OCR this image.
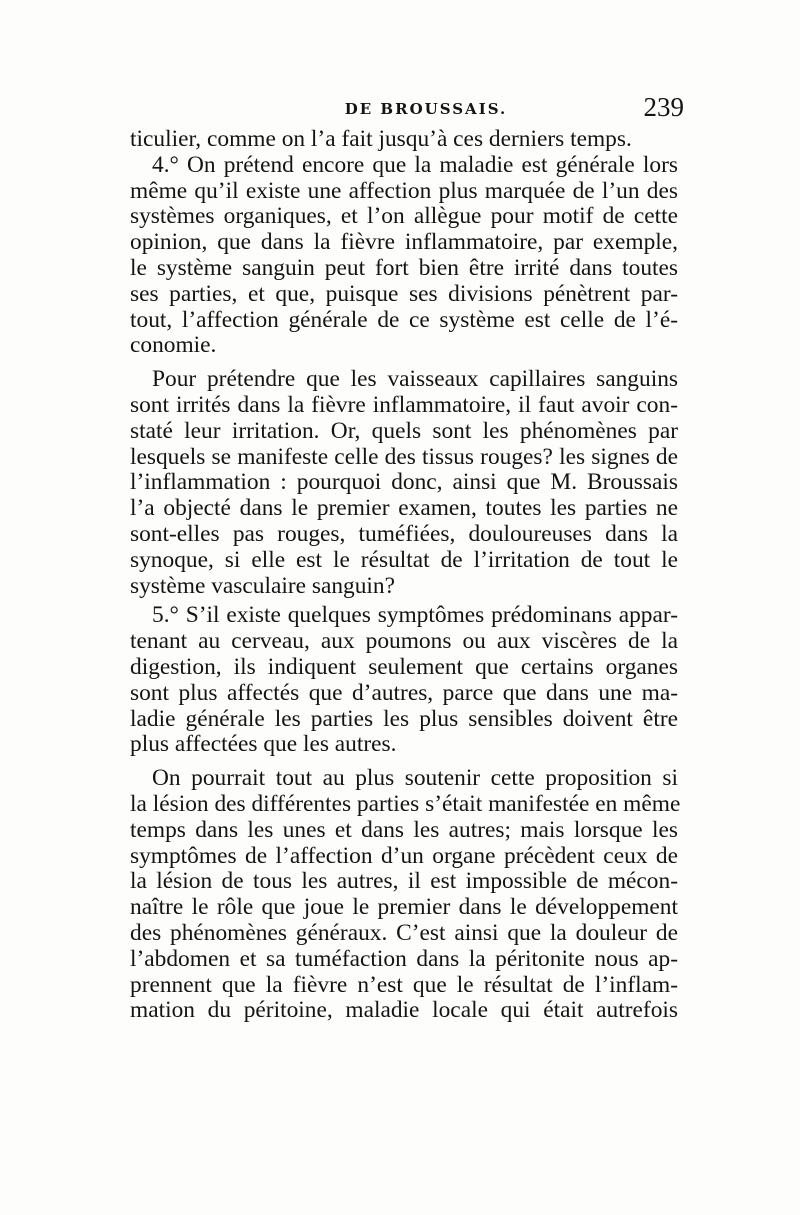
DE BROUSSAIS.	239
ticulier, comme on l’a fait jusqu’à ces derniers temps.
4.° On prétend encore que la maladie est générale lors
même qu’il existe une affection plus marquée de l’un des
systèmes organiques, et l’on allègue pour motif de cette
opinion, que dans la fièvre inflammatoire, par exemple,
le système sanguin peut fort bien être irrité dans toutes
ses parties, et que, puisque ses divisions pénètrent par-
tout, l’affection générale de ce système est celle de l’é-
conomie.
Pour prétendre que les vaisseaux capillaires sanguins
sont irrités dans la fièvre inflammatoire, il faut avoir con-
staté leur irritation. Or, quels sont les phénomènes par
lesquels se manifeste celle des tissus rouges? les signes de
l’inflammation : pourquoi donc, ainsi que M. Broussais
l’a objecté dans le premier examen, toutes les parties ne
sont-elles pas rouges, tuméfiées, douloureuses dans la
synoque, si elle est le résultat de l’irritation de tout le
système vasculaire sanguin?
5.° S’il existe quelques symptômes prédominans appar-
tenant au cerveau, aux poumons ou aux viscères de la
digestion, ils indiquent seulement que certains organes
sont plus affectés que d’autres, parce que dans une ma-
ladie générale les parties les plus sensibles doivent être
plus affectées que les autres.
On pourrait tout au plus soutenir cette proposition si
la lésion des différentes parties s’était manifestée en même
temps dans les unes et dans les autres; mais lorsque les
symptômes de l’affection d’un organe précèdent ceux de
la lésion de tous les autres, il est impossible de mécon-
naître le rôle que joue le premier dans le développement
des phénomènes généraux. C’est ainsi que la douleur de
l’abdomen et sa tuméfaction dans la péritonite nous ap-
prennent que la fièvre n’est que le résultat de l’inflam-
mation du péritoine, maladie locale qui était autrefois
